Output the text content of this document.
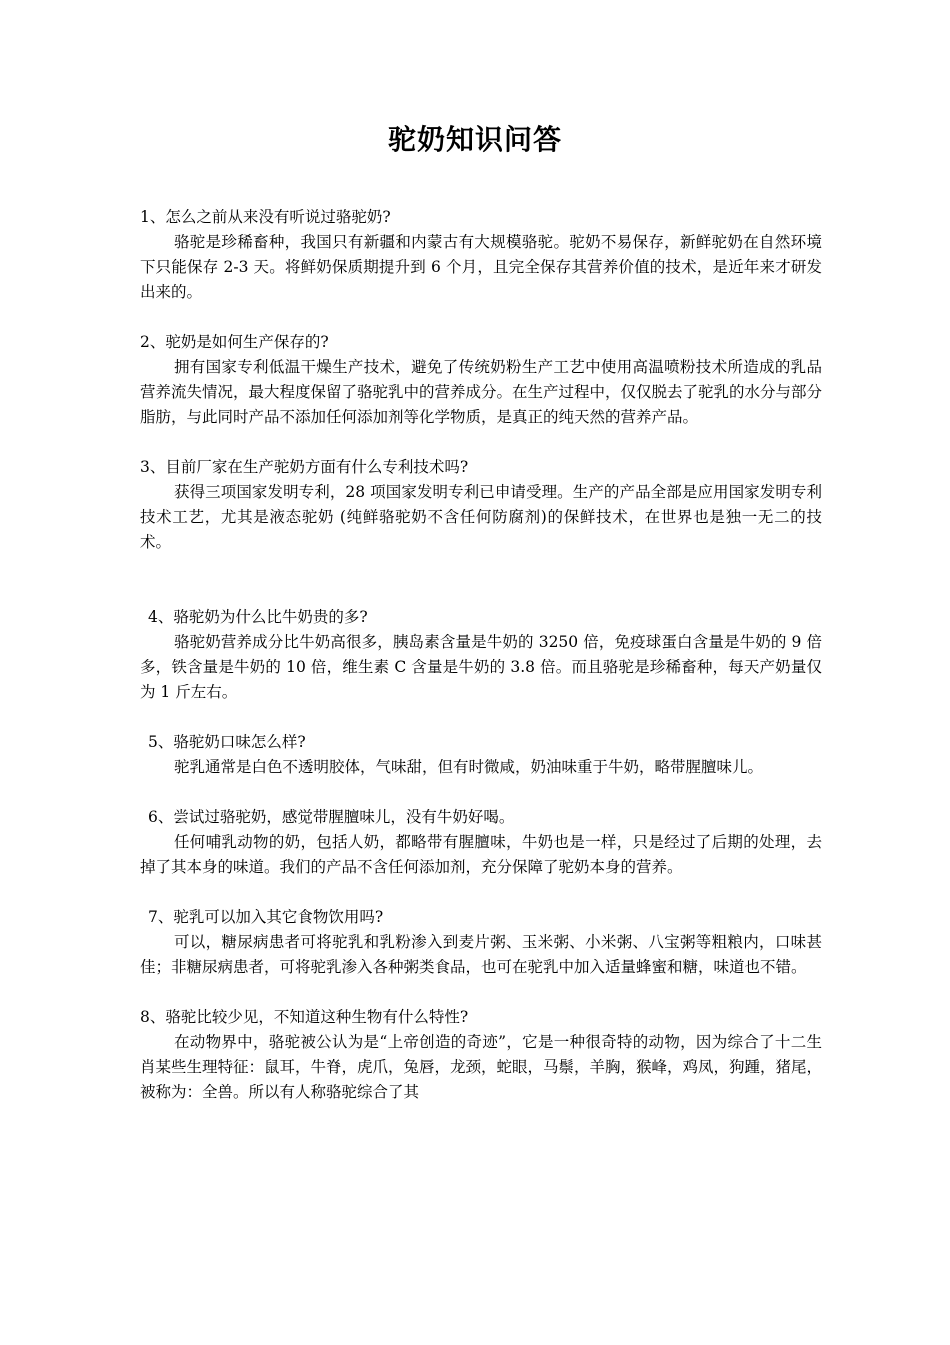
驼奶知识问答

1、怎么之前从来没有听说过骆驼奶?

骆驼是珍稀畜种，我国只有新疆和内蒙古有大规模骆驼。驼奶不易保存，新鲜驼奶在自然环境下只能保存 2-3 天。将鲜奶保质期提升到 6 个月，且完全保存其营养价值的技术，是近年来才研发出来的。

2、驼奶是如何生产保存的?

拥有国家专利低温干燥生产技术，避免了传统奶粉生产工艺中使用高温喷粉技术所造成的乳品营养流失情况，最大程度保留了骆驼乳中的营养成分。在生产过程中，仅仅脱去了驼乳的水分与部分脂肪，与此同时产品不添加任何添加剂等化学物质，是真正的纯天然的营养产品。

3、目前厂家在生产驼奶方面有什么专利技术吗?

获得三项国家发明专利，28 项国家发明专利已申请受理。生产的产品全部是应用国家发明专利技术工艺，尤其是液态驼奶 (纯鲜骆驼奶不含任何防腐剂)的保鲜技术，在世界也是独一无二的技术。

4、骆驼奶为什么比牛奶贵的多?

骆驼奶营养成分比牛奶高很多，胰岛素含量是牛奶的 3250 倍，免疫球蛋白含量是牛奶的 9 倍多，铁含量是牛奶的 10 倍，维生素 C 含量是牛奶的 3.8 倍。而且骆驼是珍稀畜种，每天产奶量仅为 1 斤左右。

5、骆驼奶口味怎么样?

驼乳通常是白色不透明胶体，气味甜，但有时微咸，奶油味重于牛奶，略带腥膻味儿。

6、尝试过骆驼奶，感觉带腥膻味儿，没有牛奶好喝。

任何哺乳动物的奶，包括人奶，都略带有腥膻味，牛奶也是一样，只是经过了后期的处理，去掉了其本身的味道。我们的产品不含任何添加剂，充分保障了驼奶本身的营养。

7、驼乳可以加入其它食物饮用吗?

可以，糖尿病患者可将驼乳和乳粉渗入到麦片粥、玉米粥、小米粥、八宝粥等粗粮内，口味甚佳；非糖尿病患者，可将驼乳渗入各种粥类食品，也可在驼乳中加入适量蜂蜜和糖，味道也不错。

8、骆驼比较少见，不知道这种生物有什么特性?

在动物界中，骆驼被公认为是“上帝创造的奇迹”，它是一种很奇特的动物，因为综合了十二生肖某些生理特征：鼠耳，牛脊，虎爪，兔唇，龙颈，蛇眼，马鬃，羊胸，猴峰，鸡凤，狗踵，猪尾，被称为：全兽。所以有人称骆驼综合了其
